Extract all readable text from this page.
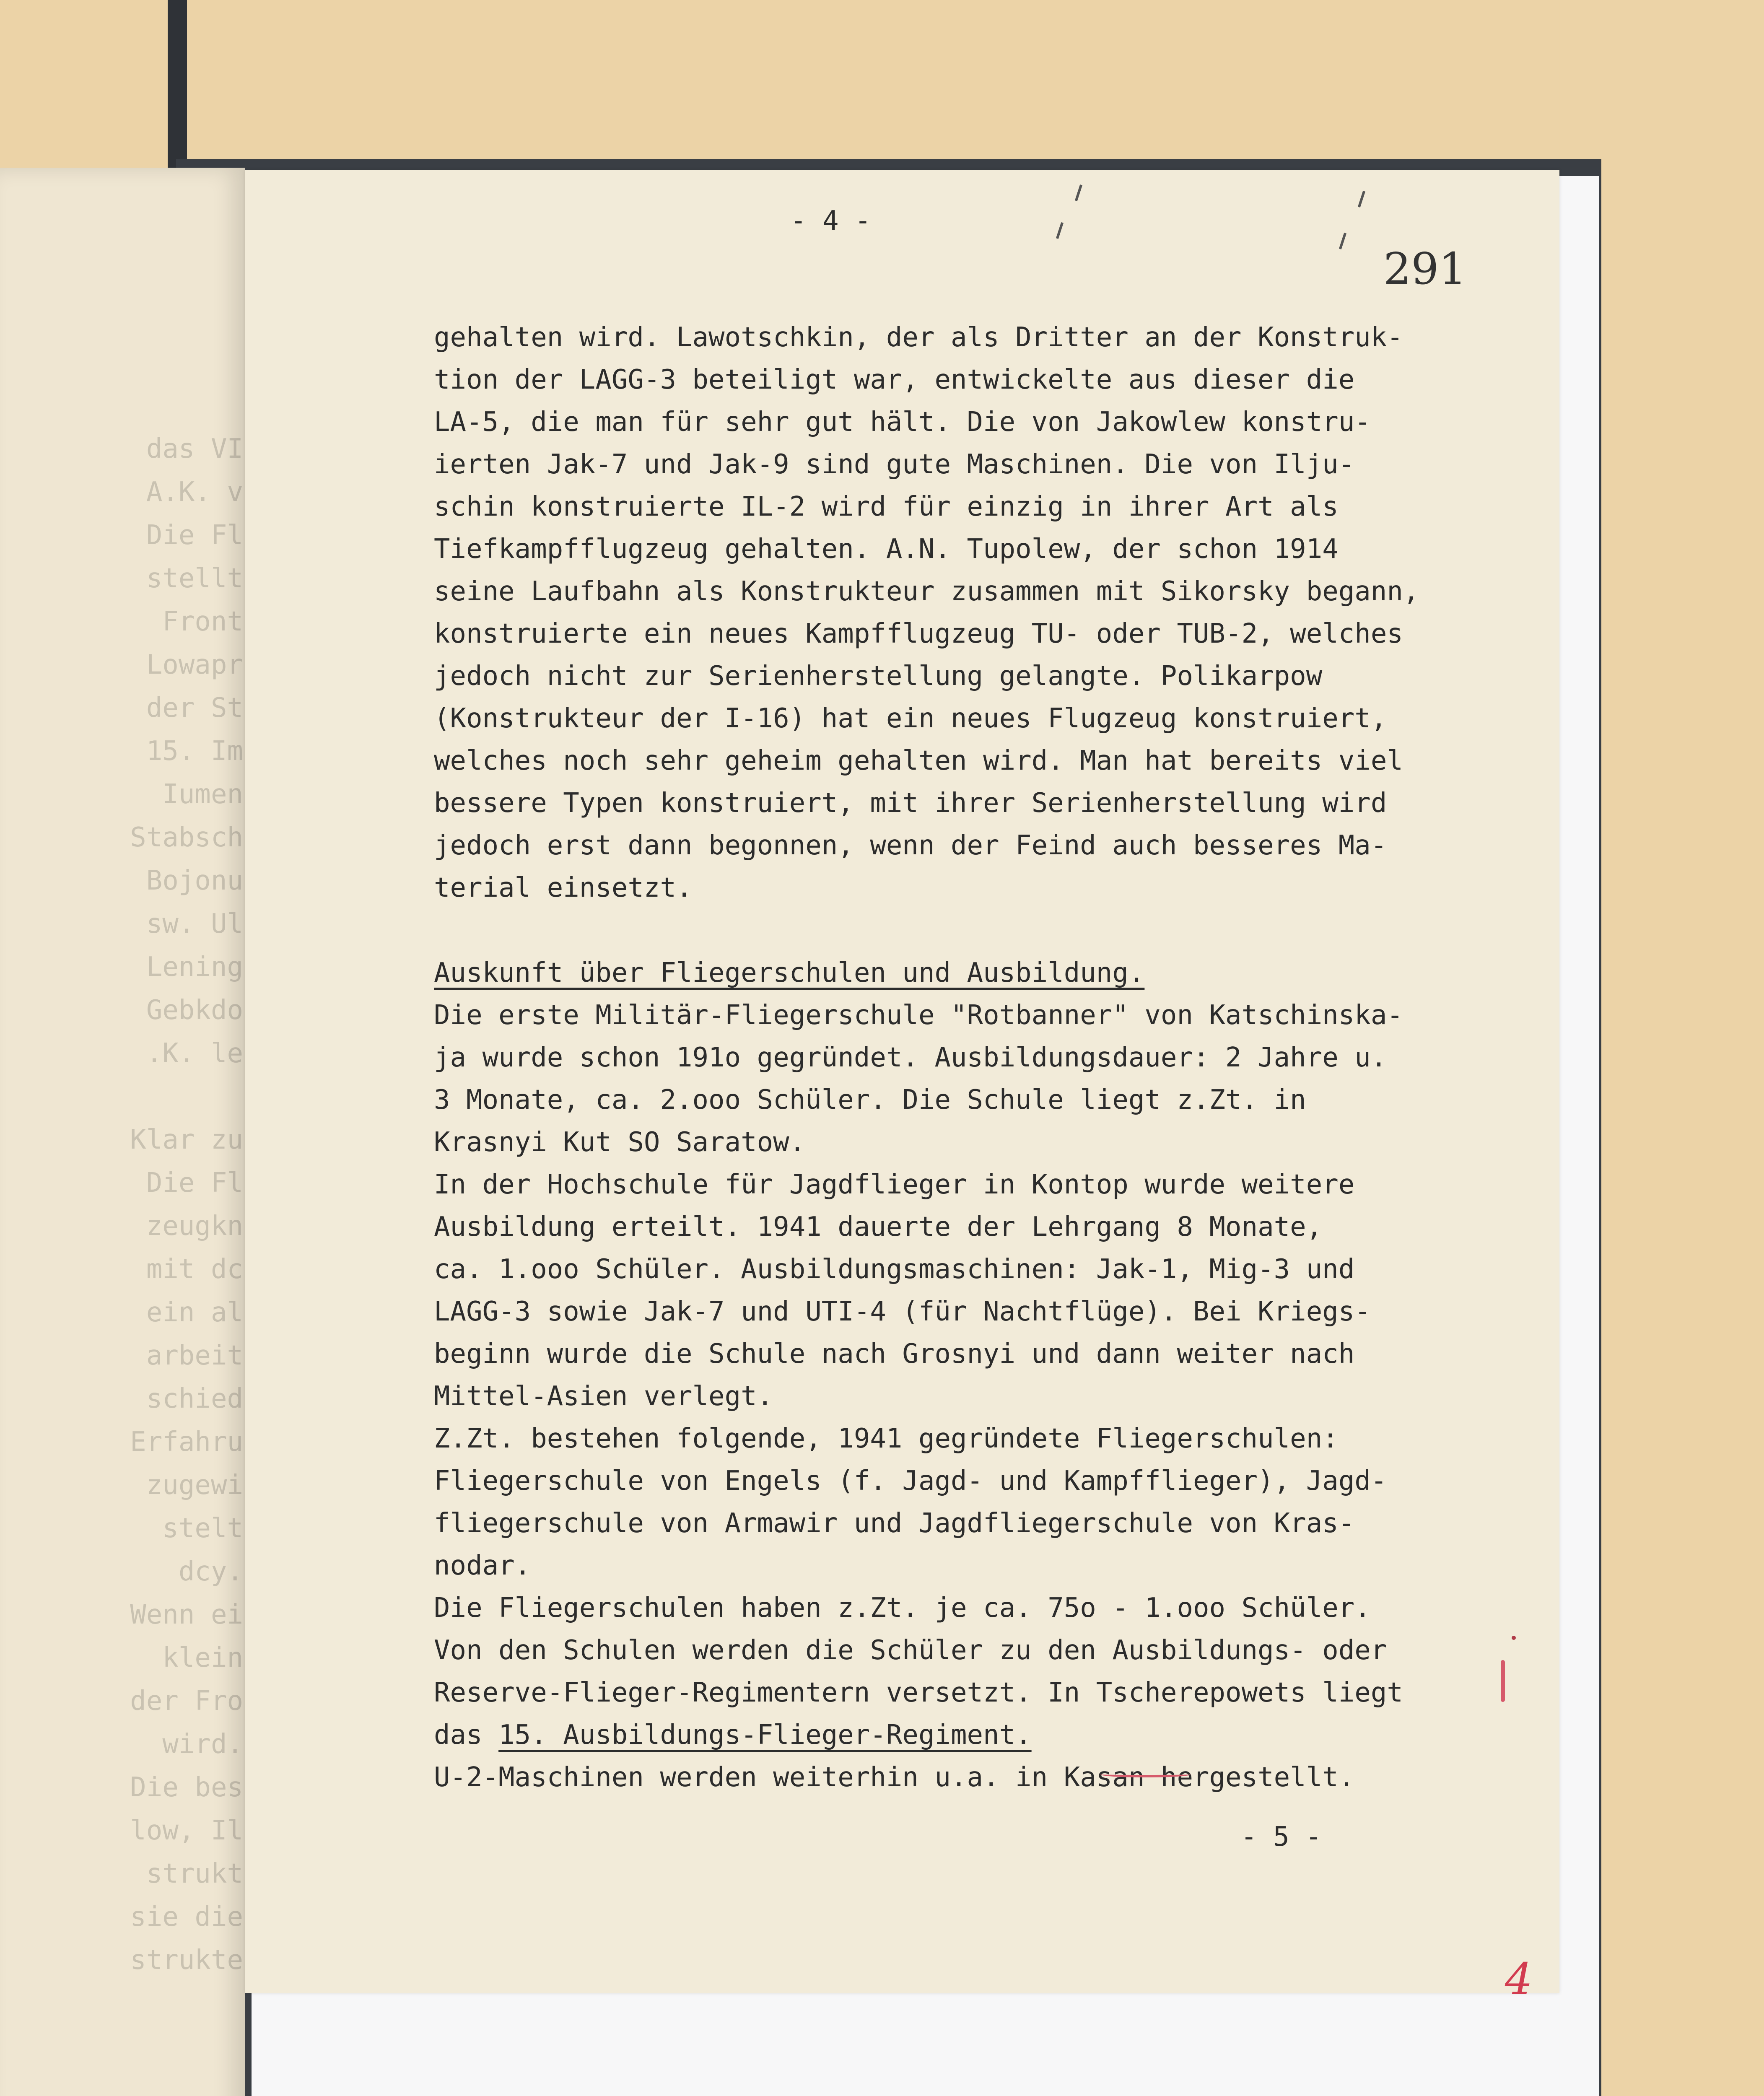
das VI
A.K. v
Die Fl
stellt
Front
Lowapr
der St
15. Im
Iumen
Stabsch
Bojonu
sw. Ul
Lening
Gebkdo
.K. le

Klar zu
Die Fl
zeugkn
mit dc
ein al
arbeit
schied
Erfahru
zugewi
stelt
dcy.
Wenn ei
klein
der Fro
wird.
Die bes
low, Il
strukt
sie die
strukte
- 4 -
291
gehalten wird. Lawotschkin, der als Dritter an der Konstruk-
tion der LAGG-3 beteiligt war, entwickelte aus dieser die
LA-5, die man für sehr gut hält. Die von Jakowlew konstru-
ierten Jak-7 und Jak-9 sind gute Maschinen. Die von Ilju-
schin konstruierte IL-2 wird für einzig in ihrer Art als
Tiefkampfflugzeug gehalten. A.N. Tupolew, der schon 1914
seine Laufbahn als Konstrukteur zusammen mit Sikorsky begann,
konstruierte ein neues Kampfflugzeug TU- oder TUB-2, welches
jedoch nicht zur Serienherstellung gelangte. Polikarpow
(Konstrukteur der I-16) hat ein neues Flugzeug konstruiert,
welches noch sehr geheim gehalten wird. Man hat bereits viel
bessere Typen konstruiert, mit ihrer Serienherstellung wird
jedoch erst dann begonnen, wenn der Feind auch besseres Ma-
terial einsetzt.
Auskunft über Fliegerschulen und Ausbildung.
Die erste Militär-Fliegerschule "Rotbanner" von Katschinska-
ja wurde schon 191o gegründet. Ausbildungsdauer: 2 Jahre u.
3 Monate, ca. 2.ooo Schüler. Die Schule liegt z.Zt. in
Krasnyi Kut SO Saratow.
In der Hochschule für Jagdflieger in Kontop wurde weitere
Ausbildung erteilt. 1941 dauerte der Lehrgang 8 Monate,
ca. 1.ooo Schüler. Ausbildungsmaschinen: Jak-1, Mig-3 und
LAGG-3 sowie Jak-7 und UTI-4 (für Nachtflüge). Bei Kriegs-
beginn wurde die Schule nach Grosnyi und dann weiter nach
Mittel-Asien verlegt.
Z.Zt. bestehen folgende, 1941 gegründete Fliegerschulen:
Fliegerschule von Engels (f. Jagd- und Kampfflieger), Jagd-
fliegerschule von Armawir und Jagdfliegerschule von Kras-
nodar.
Die Fliegerschulen haben z.Zt. je ca. 75o - 1.ooo Schüler.
Von den Schulen werden die Schüler zu den Ausbildungs- oder
Reserve-Flieger-Regimentern versetzt. In Tscherepowets liegt
das 15. Ausbildungs-Flieger-Regiment.
U-2-Maschinen werden weiterhin u.a. in Kasan hergestellt.
- 5 -
4
